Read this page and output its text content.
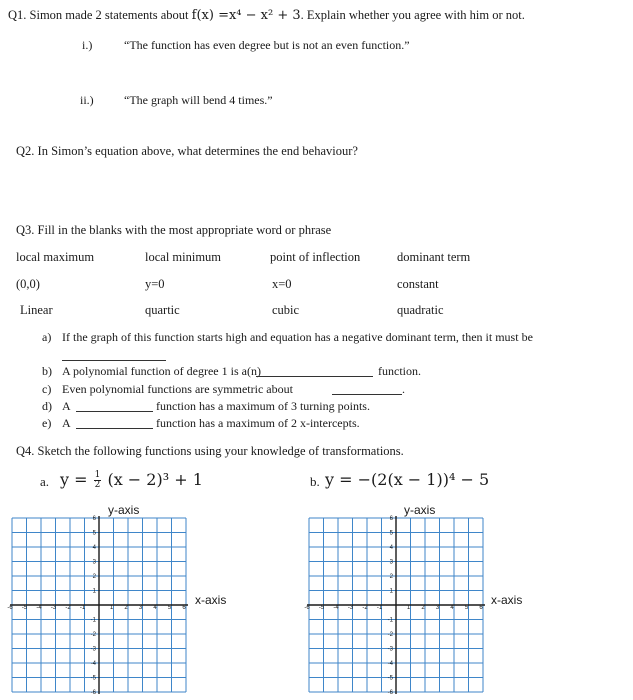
Q1. Simon made 2 statements about f(x) =x⁴ − x² + 3. Explain whether you agree with him or not.
i.)	“The function has even degree but is not an even function.”
ii.)	“The graph will bend 4 times.”
Q2. In Simon’s equation above, what determines the end behaviour?
Q3. Fill in the blanks with the most appropriate word or phrase
local maximum	local minimum	point of inflection	dominant term
(0,0)	y=0	x=0	constant
Linear	quartic	cubic	quadratic
a) If the graph of this function starts high and equation has a negative dominant term, then it must be
b) A polynomial function of degree 1 is a(n)	function.
c) Even polynomial functions are symmetric about	.
d) A	function has a maximum of 3 turning points.
e) A	function has a maximum of 2 x-intercepts.
Q4. Sketch the following functions using your knowledge of transformations.
a. $y = \frac{1}{2} (x - 2)^3 + 1$	b. y = −(2(x − 1))⁴ − 5
y-axis
x-axis
-6 -5 -4 -3 -2 -1	1 2 3 4 5 6
6
5
4
3
2
1
-1
-2
-3
-4
-5
-6
y-axis
x-axis
-6 -5 -4 -3 -2 -1	1 2 3 4 5 6
6
5
4
3
2
1
-1
-2
-3
-4
-5
-6
